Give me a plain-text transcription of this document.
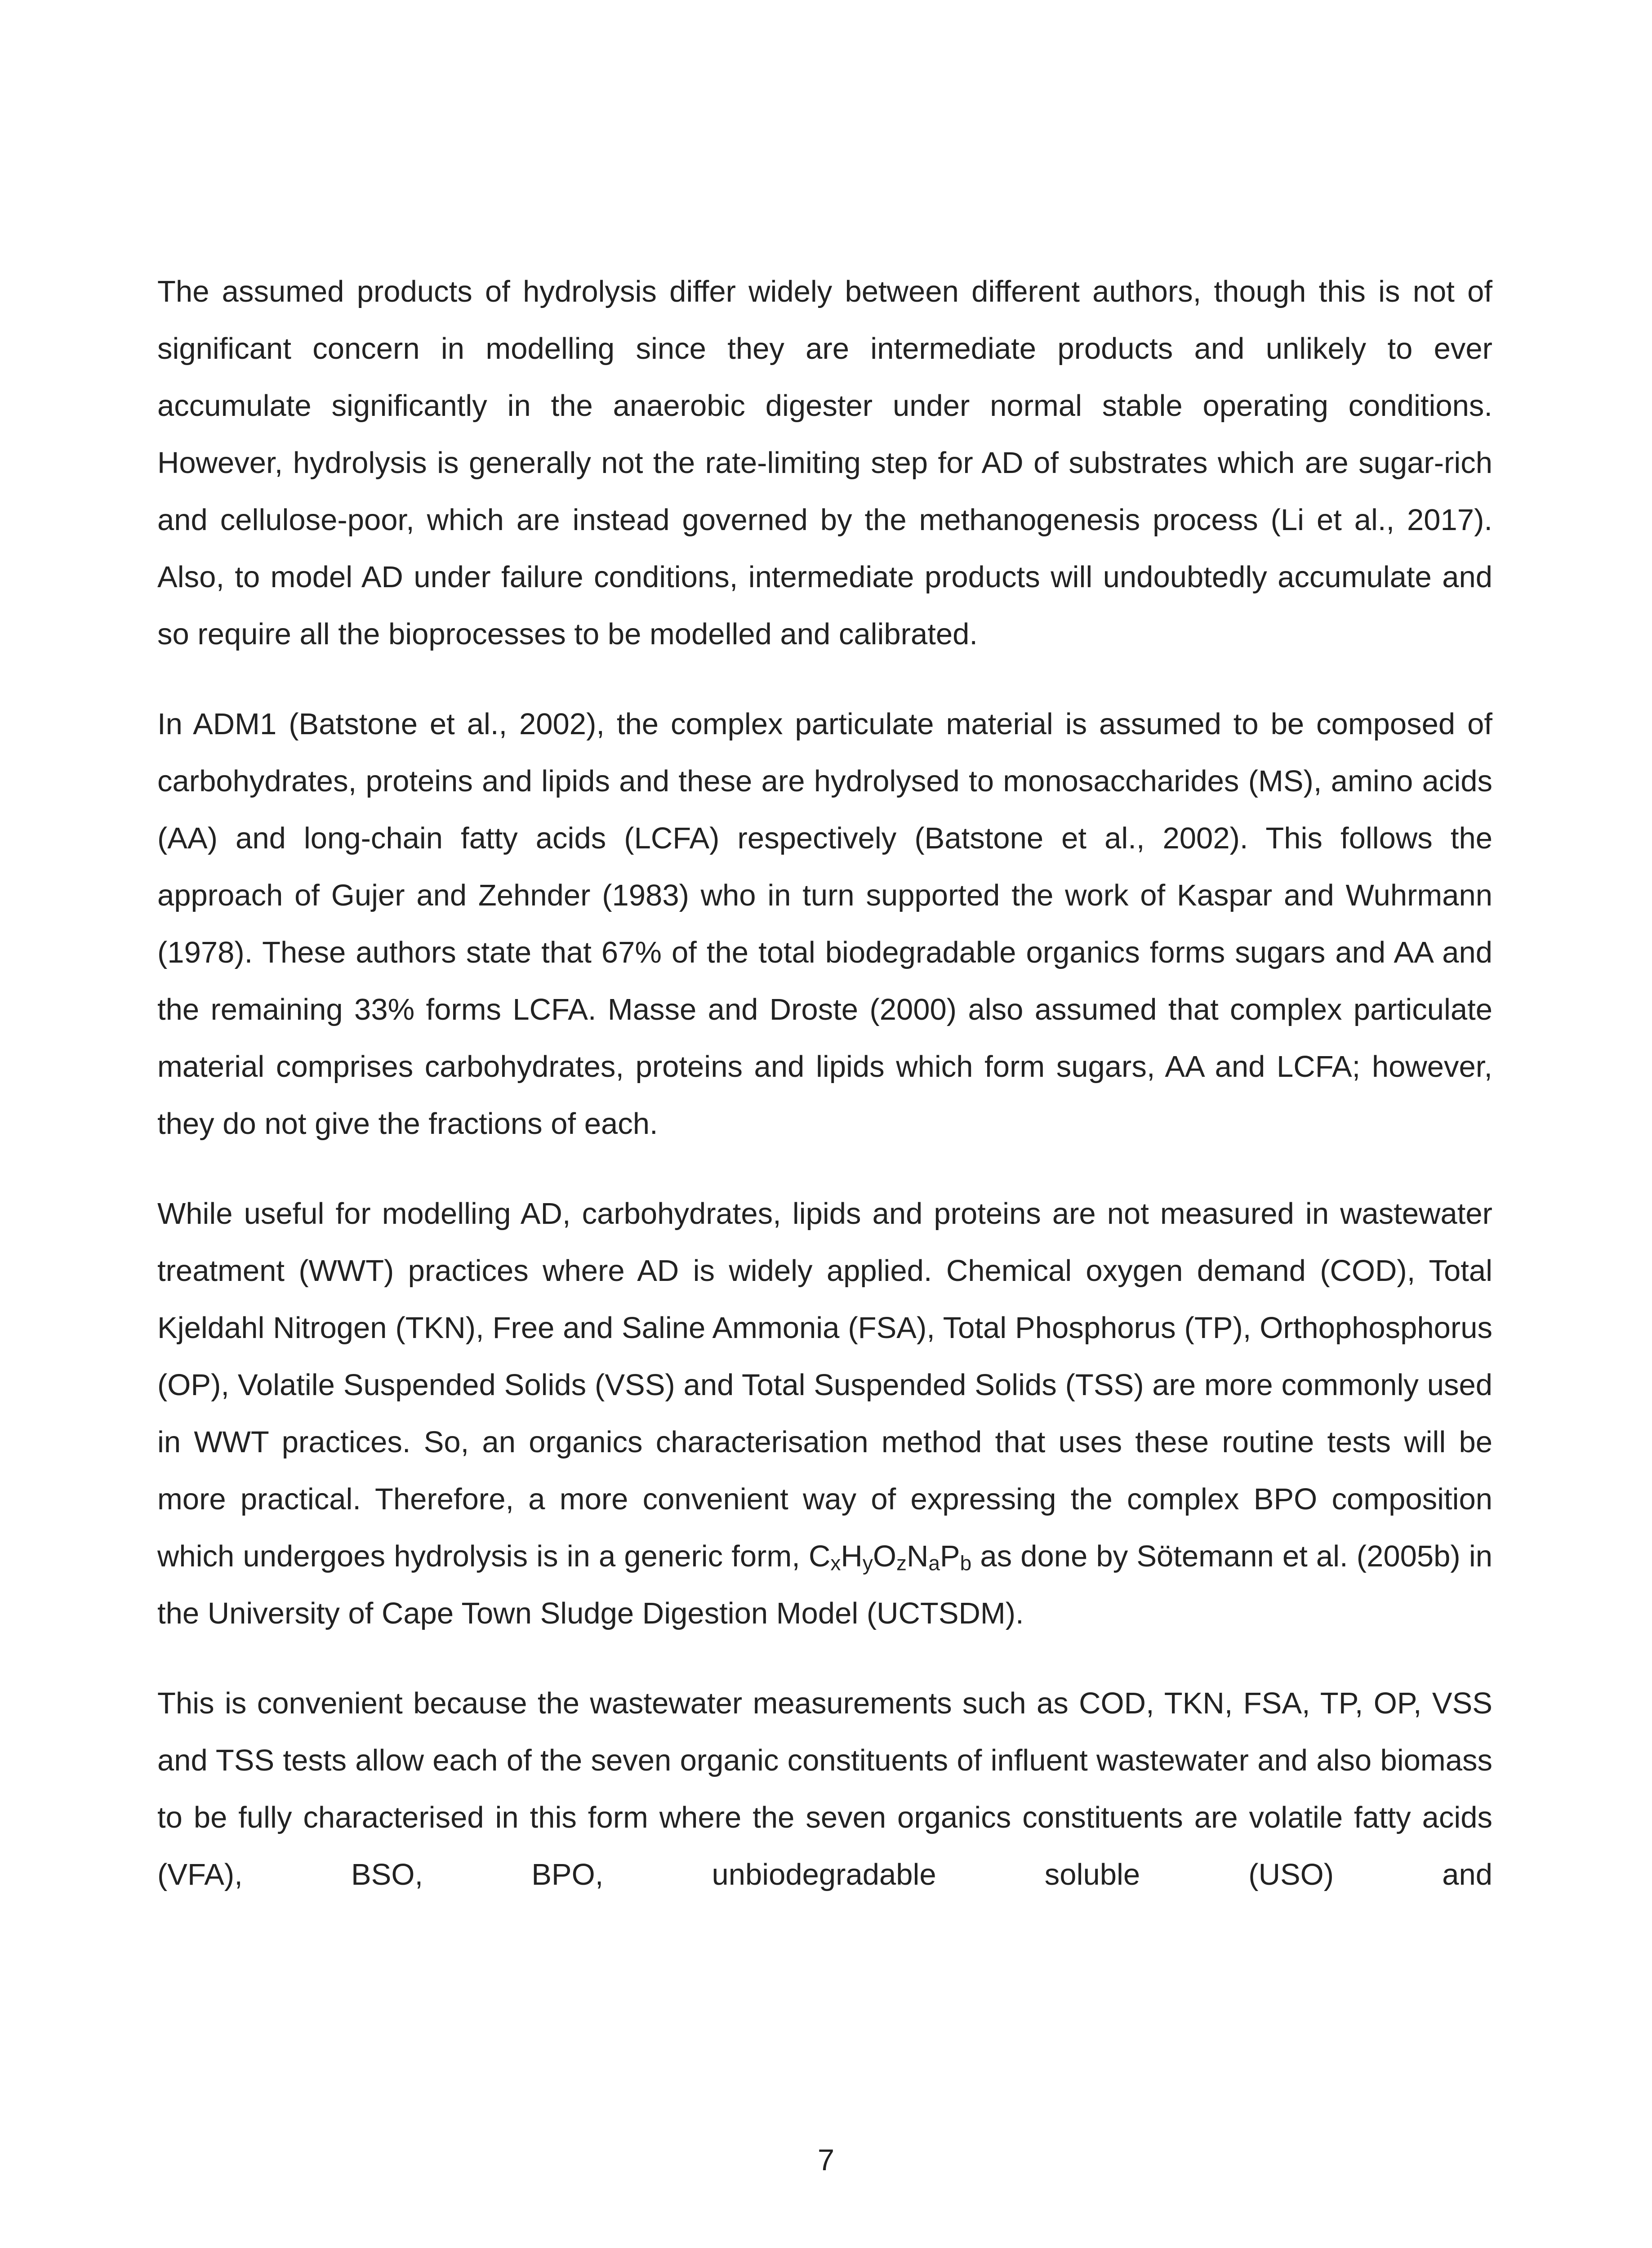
The assumed products of hydrolysis differ widely between different authors, though this is not of significant concern in modelling since they are intermediate products and unlikely to ever accumulate significantly in the anaerobic digester under normal stable operating conditions. However, hydrolysis is generally not the rate-limiting step for AD of substrates which are sugar-rich and cellulose-poor, which are instead governed by the methanogenesis process (Li et al., 2017). Also, to model AD under failure conditions, intermediate products will undoubtedly accumulate and so require all the bioprocesses to be modelled and calibrated.

In ADM1 (Batstone et al., 2002), the complex particulate material is assumed to be composed of carbohydrates, proteins and lipids and these are hydrolysed to monosaccharides (MS), amino acids (AA) and long-chain fatty acids (LCFA) respectively (Batstone et al., 2002). This follows the approach of Gujer and Zehnder (1983) who in turn supported the work of Kaspar and Wuhrmann (1978). These authors state that 67% of the total biodegradable organics forms sugars and AA and the remaining 33% forms LCFA. Masse and Droste (2000) also assumed that complex particulate material comprises carbohydrates, proteins and lipids which form sugars, AA and LCFA; however, they do not give the fractions of each.

While useful for modelling AD, carbohydrates, lipids and proteins are not measured in wastewater treatment (WWT) practices where AD is widely applied. Chemical oxygen demand (COD), Total Kjeldahl Nitrogen (TKN), Free and Saline Ammonia (FSA), Total Phosphorus (TP), Orthophosphorus (OP), Volatile Suspended Solids (VSS) and Total Suspended Solids (TSS) are more commonly used in WWT practices. So, an organics characterisation method that uses these routine tests will be more practical. Therefore, a more convenient way of expressing the complex BPO composition which undergoes hydrolysis is in a generic form, $C_xH_yO_zN_aP_b$ as done by Sötemann et al. (2005b) in the University of Cape Town Sludge Digestion Model (UCTSDM).

This is convenient because the wastewater measurements such as COD, TKN, FSA, TP, OP, VSS and TSS tests allow each of the seven organic constituents of influent wastewater and also biomass to be fully characterised in this form where the seven organics constituents are volatile fatty acids (VFA), BSO, BPO, unbiodegradable soluble (USO) and

7
